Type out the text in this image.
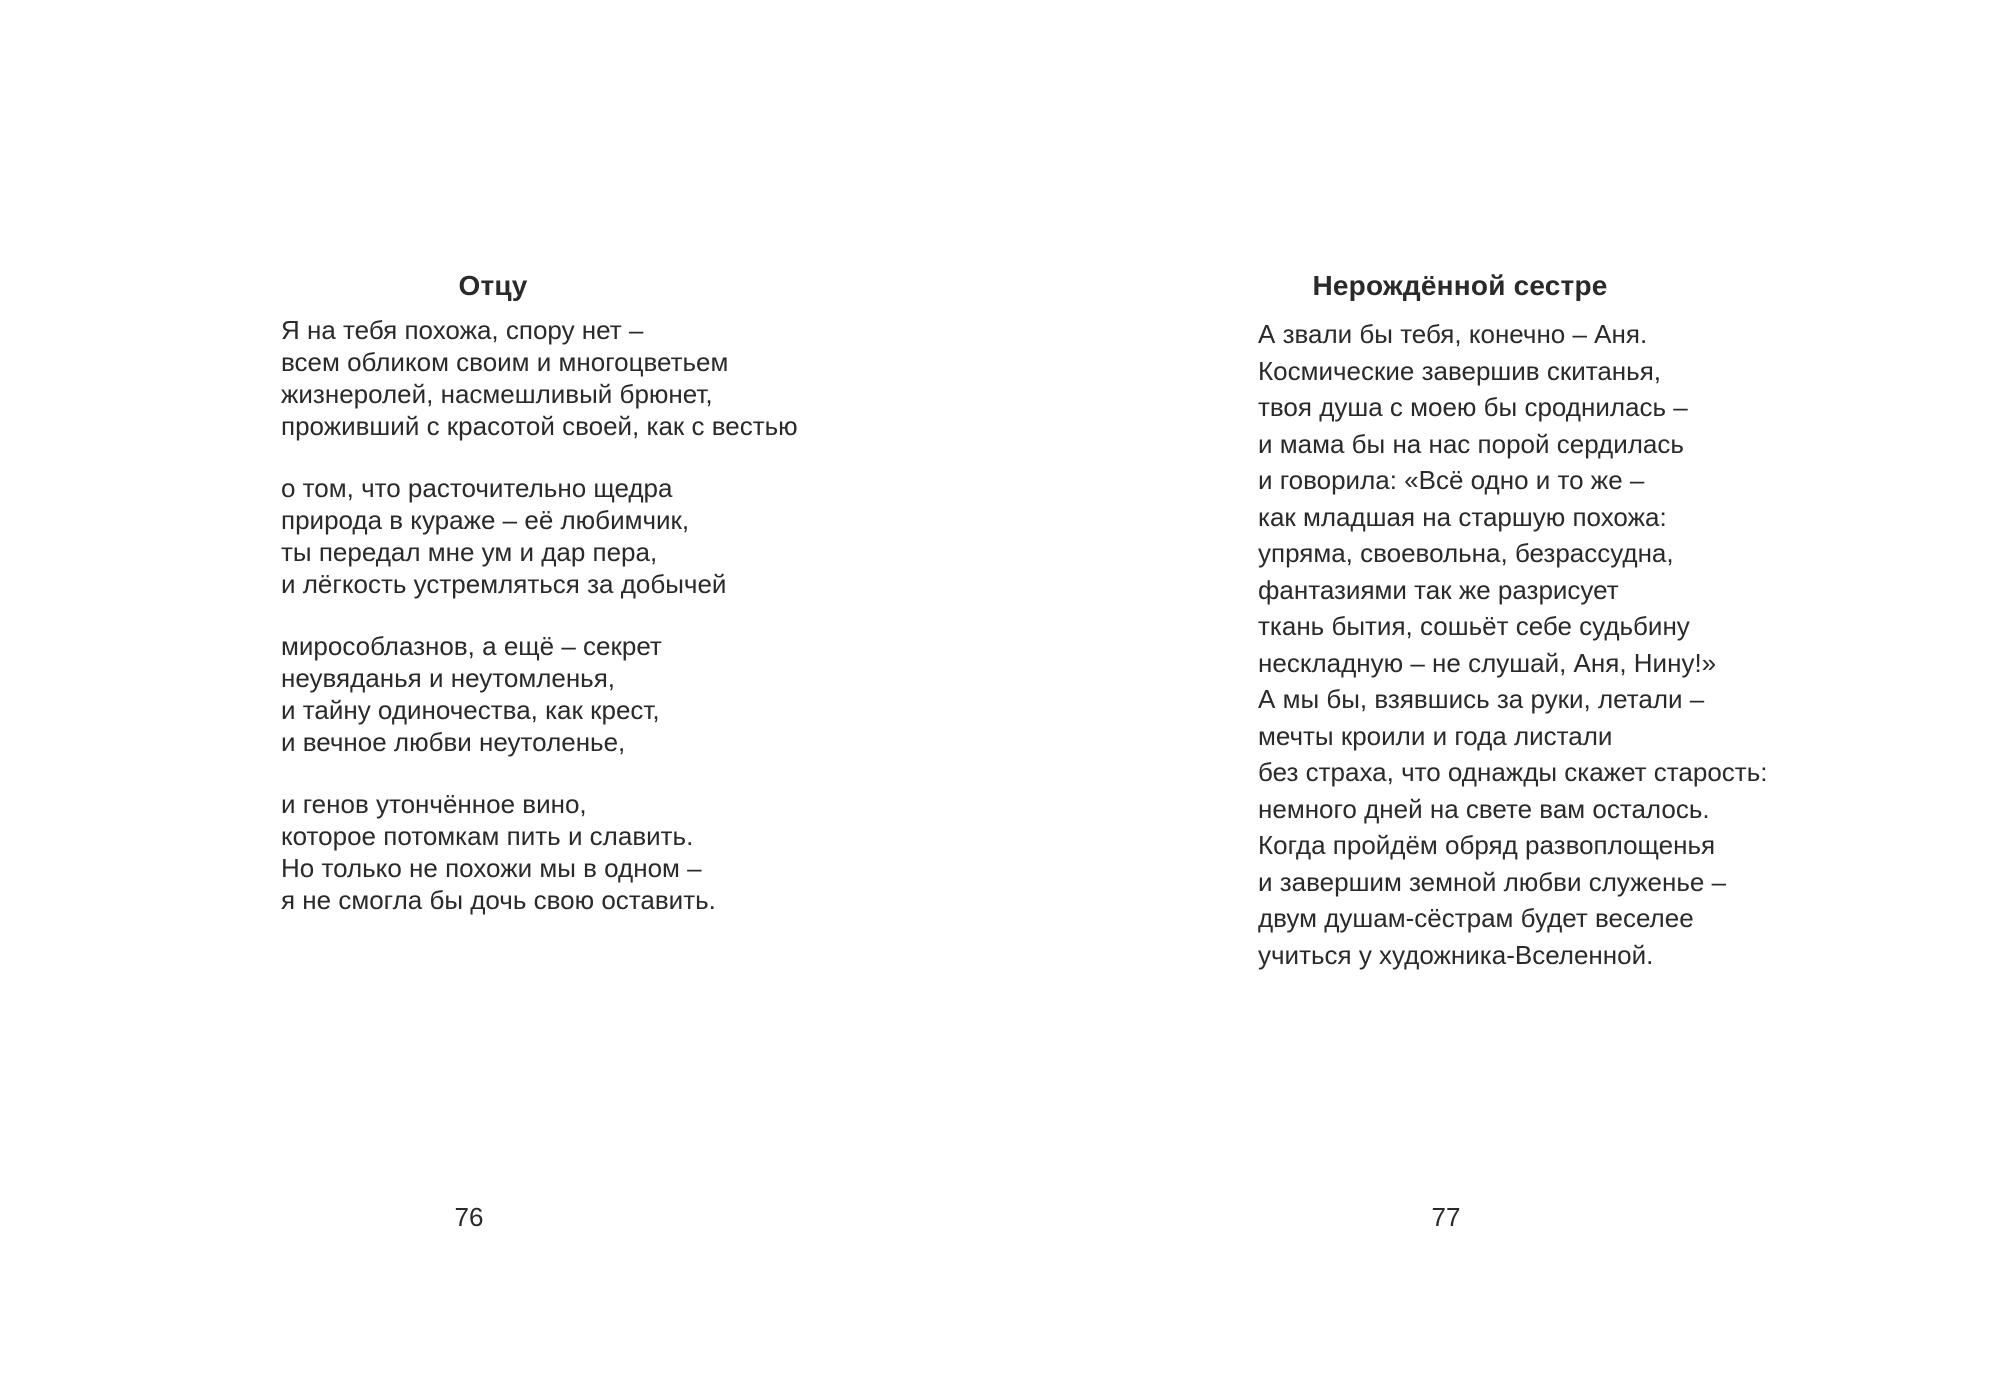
Отцу
Я на тебя похожа, спору нет –
всем обликом своим и многоцветьем
жизнеролей, насмешливый брюнет,
проживший с красотой своей, как с вестью
о том, что расточительно щедра
природа в кураже – её любимчик,
ты передал мне ум и дар пера,
и лёгкость устремляться за добычей
мирособлазнов, а ещё – секрет
неувяданья и неутомленья,
и тайну одиночества, как крест,
и вечное любви неутоленье,
и генов утончённое вино,
которое потомкам пить и славить.
Но только не похожи мы в одном –
я не смогла бы дочь свою оставить.
76
Нерождённой сестре
А звали бы тебя, конечно – Аня.
Космические завершив скитанья,
твоя душа с моею бы сроднилась –
и мама бы на нас порой сердилась
и говорила: «Всё одно и то же –
как младшая на старшую похожа:
упряма, своевольна, безрассудна,
фантазиями так же разрисует
ткань бытия, сошьёт себе судьбину
нескладную – не слушай, Аня, Нину!»
А мы бы, взявшись за руки, летали –
мечты кроили и года листали
без страха, что однажды скажет старость:
немного дней на свете вам осталось.
Когда пройдём обряд развоплощенья
и завершим земной любви служенье –
двум душам-сёстрам будет веселее
учиться у художника-Вселенной.
77
